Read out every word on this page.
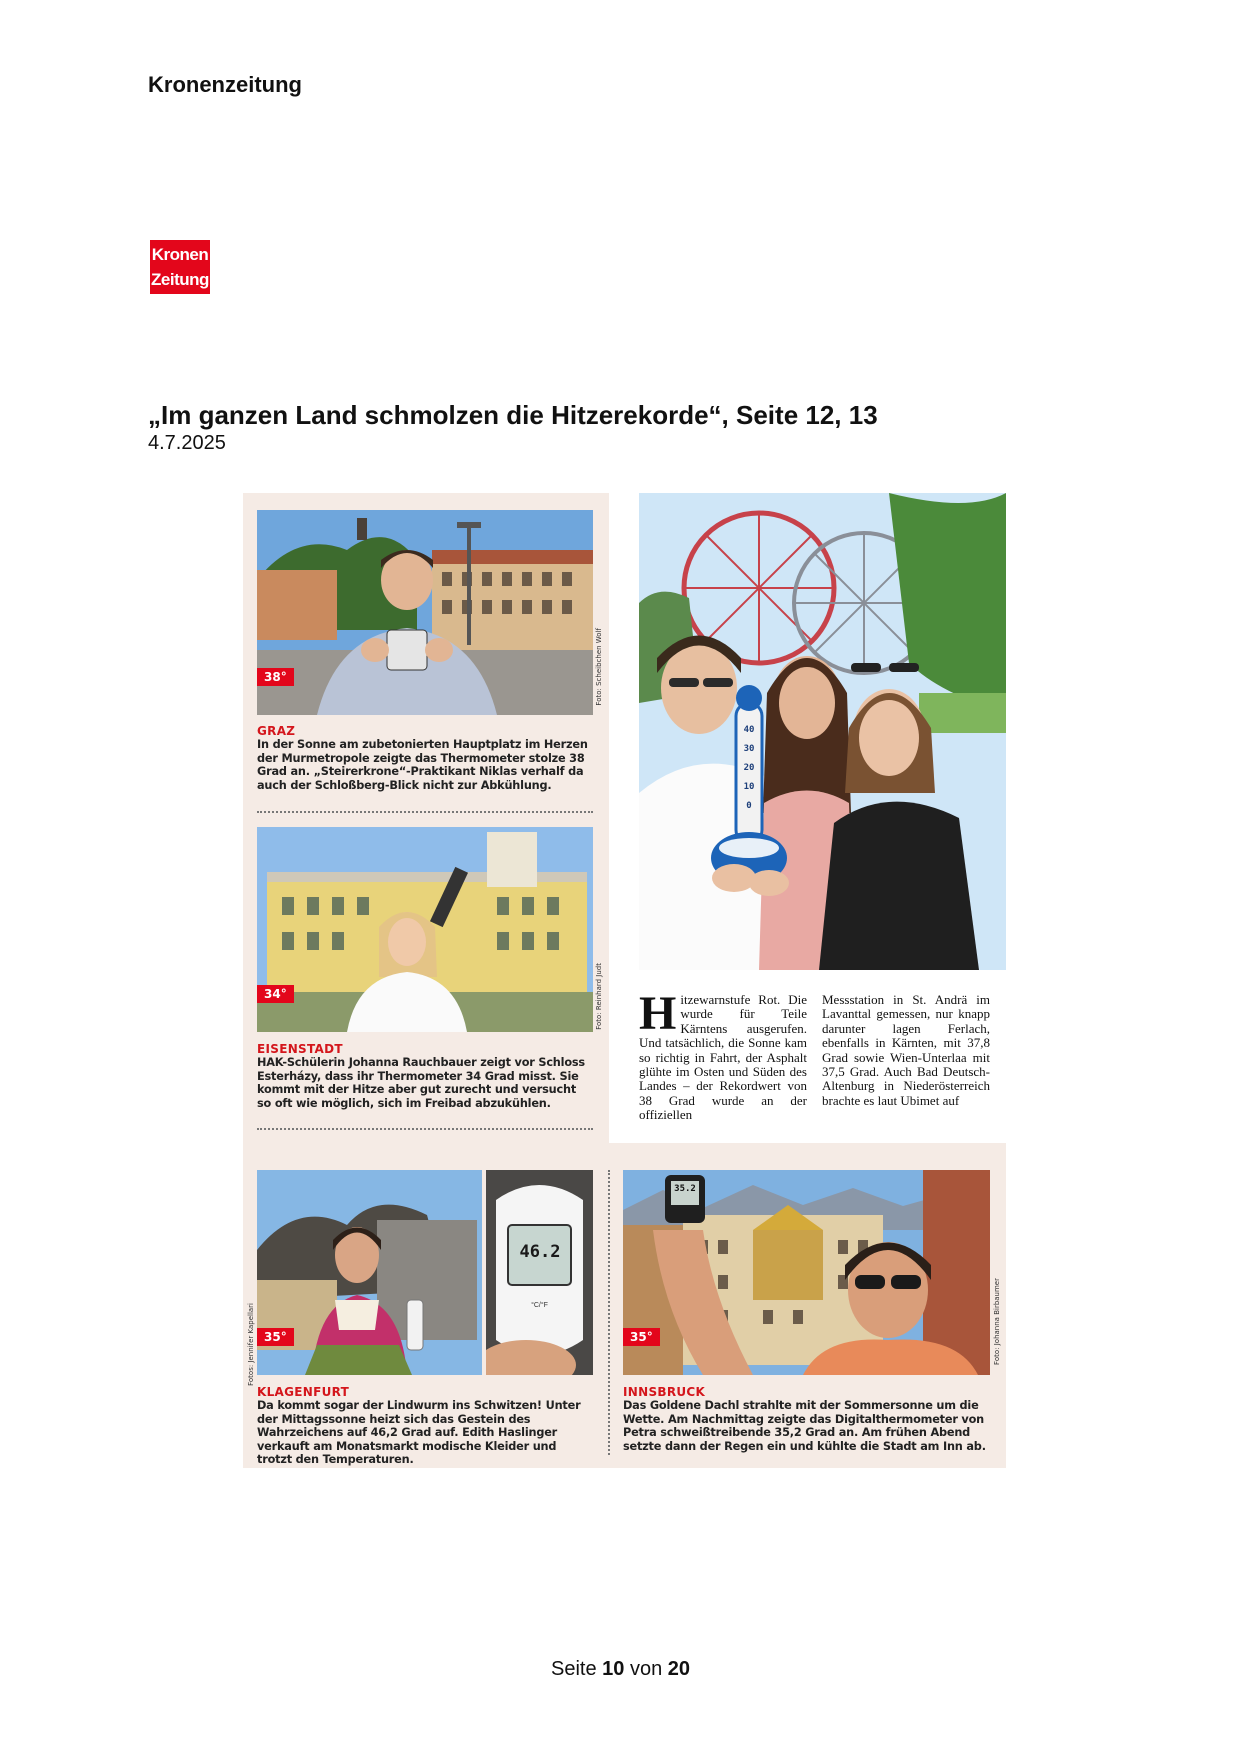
Kronenzeitung
Kronen
Zeitung
„Im ganzen Land schmolzen die Hitzerekorde“, Seite 12, 13
4.7.2025
38°	Foto: Scheibchen Wolf
GRAZ
In der Sonne am zubetonierten Hauptplatz im Herzen der Murmetropole zeigte das Thermometer stolze 38 Grad an. „Steirerkrone“-Praktikant Niklas verhalf da auch der Schloßberg-Blick nicht zur Abkühlung.
34°	Foto: Reinhard Judt
EISENSTADT
HAK-Schülerin Johanna Rauchbauer zeigt vor Schloss Esterházy, dass ihr Thermometer 34 Grad misst. Sie kommt mit der Hitze aber gut zurecht und versucht so oft wie möglich, sich im Freibad abzukühlen.
40
30
20
10
0
Hitzewarnstufe Rot. Die wurde für Teile Kärntens ausgerufen. Und tatsächlich, die Sonne kam so richtig in Fahrt, der Asphalt glühte im Osten und Süden des Landes – der Rekordwert von 38 Grad wurde an der offiziellen
Messstation in St. Andrä im Lavanttal gemessen, nur knapp darunter lagen Ferlach, ebenfalls in Kärnten, mit 37,8 Grad sowie Wien-Unterlaa mit 37,5 Grad. Auch Bad Deutsch-Altenburg in Niederösterreich brachte es laut Ubimet auf
46.2
°C/°F
35°
Fotos: Jennifer Kapellari
KLAGENFURT
Da kommt sogar der Lindwurm ins Schwitzen! Unter der Mittagssonne heizt sich das Gestein des Wahrzeichens auf 46,2 Grad auf. Edith Haslinger verkauft am Monatsmarkt modische Kleider und trotzt den Temperaturen.
35.2
35°	Foto: Johanna Birbaumer
INNSBRUCK
Das Goldene Dachl strahlte mit der Sommersonne um die Wette. Am Nachmittag zeigte das Digitalthermometer von Petra schweißtreibende 35,2 Grad an. Am frühen Abend setzte dann der Regen ein und kühlte die Stadt am Inn ab.
Seite 10 von 20
